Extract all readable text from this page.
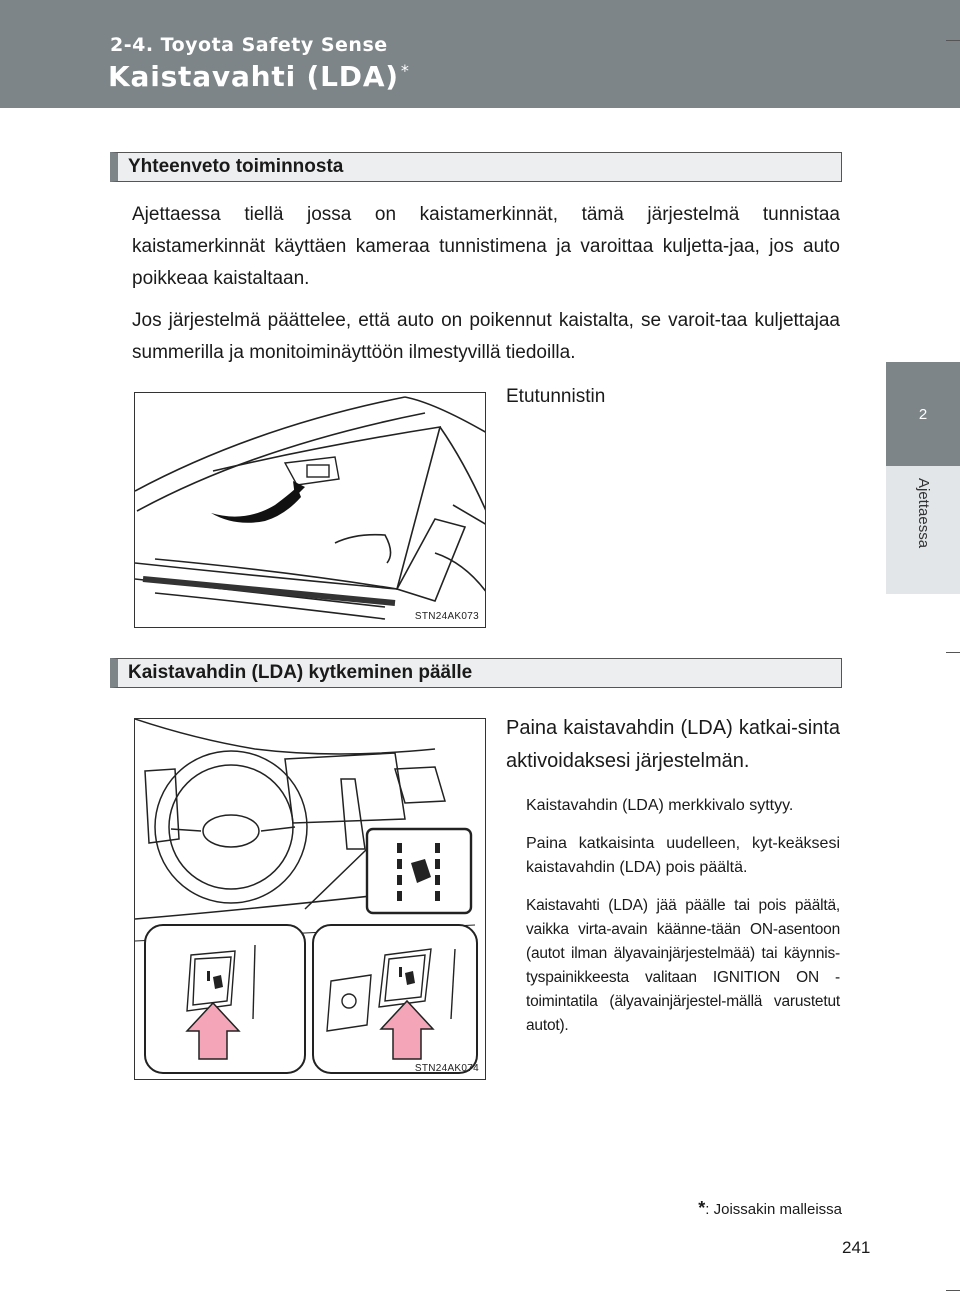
2-4. Toyota Safety Sense
Kaistavahti (LDA) *
2
Ajettaessa
Yhteenveto toiminnosta
Ajettaessa tiellä jossa on kaistamerkinnät, tämä järjestelmä tunnistaa kaistamerkinnät käyttäen kameraa tunnistimena ja varoittaa kuljetta-jaa, jos auto poikkeaa kaistaltaan.
Jos järjestelmä päättelee, että auto on poikennut kaistalta, se varoit-taa kuljettajaa summerilla ja monitoiminäyttöön ilmestyvillä tiedoilla.
Etutunnistin
STN24AK073
Kaistavahdin (LDA) kytkeminen päälle
STN24AK074
Paina kaistavahdin (LDA) katkai-sinta aktivoidaksesi järjestelmän.
Kaistavahdin (LDA) merkkivalo syttyy.
Paina katkaisinta uudelleen, kyt-keäksesi kaistavahdin (LDA) pois päältä.
Kaistavahti (LDA) jää päälle tai pois päältä, vaikka virta-avain käänne-tään ON-asentoon (autot ilman älyavainjärjestelmää) tai käynnis-tyspainikkeesta valitaan IGNITION ON -toimintatila (älyavainjärjestel-mällä varustetut autot).
*: Joissakin malleissa
241
